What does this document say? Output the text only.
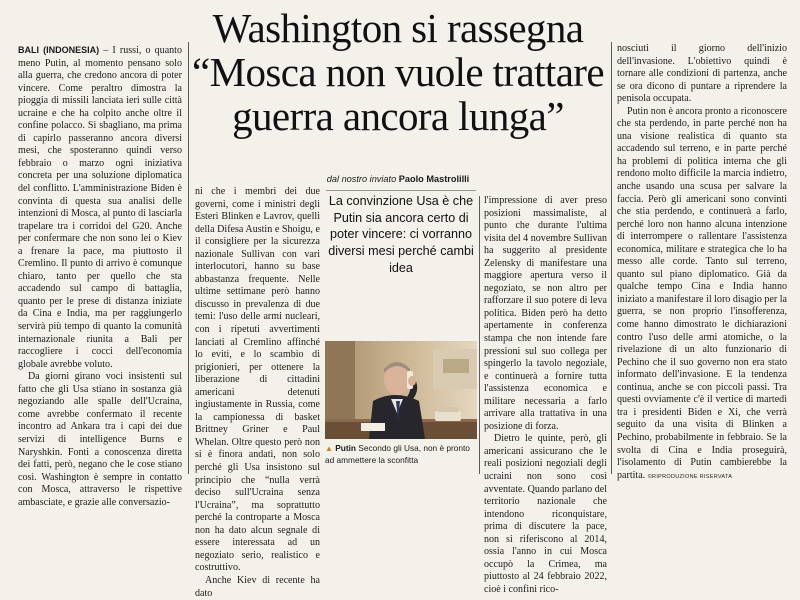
Washington si rassegna
“Mosca non vuole trattare
guerra ancora lunga”
dal nostro inviato Paolo Mastrolilli

BALI (INDONESIA) – I russi, o quanto meno Putin, al momento pensano solo alla guerra, che credono ancora di poter vincere. Come peraltro dimostra la pioggia di missili lanciata ieri sulle città ucraine e che ha colpito anche oltre il confine polacco. Si sbagliano, ma prima di capirlo passeranno ancora diversi mesi, che sposteranno quindi verso febbraio o marzo ogni iniziativa concreta per una soluzione diplomatica del conflitto. L'amministrazione Biden è convinta di questa sua analisi delle intenzioni di Mosca, al punto di lasciarla trapelare tra i corridoi del G20. Anche per confermare che non sono lei o Kiev a frenare la pace, ma piuttosto il Cremlino. Il punto di arrivo è comunque chiaro, tanto per quello che sta accadendo sul campo di battaglia, quanto per le prese di distanza iniziate da Cina e India, ma per raggiungerlo servirà più tempo di quanto la comunità internazionale riunita a Bali per raccogliere i cocci dell'economia globale avrebbe voluto.

Da giorni girano voci insistenti sul fatto che gli Usa stiano in sostanza già negoziando alle spalle dell'Ucraina, come avrebbe confermato il recente incontro ad Ankara tra i capi dei due servizi di intelligence Burns e Naryshkin. Fonti a conoscenza diretta dei fatti, però, negano che le cose stiano così. Washington è sempre in contatto con Mosca, attraverso le rispettive ambasciate, e grazie alle conversazio-

ni che i membri dei due governi, come i ministri degli Esteri Blinken e Lavrov, quelli della Difesa Austin e Shoigu, e il consigliere per la sicurezza nazionale Sullivan con vari interlocutori, hanno su base abbastanza frequente. Nelle ultime settimane però hanno discusso in prevalenza di due temi: l'uso delle armi nucleari, con i ripetuti avvertimenti lanciati al Cremlino affinché lo eviti, e lo scambio di prigionieri, per ottenere la liberazione di cittadini americani detenuti ingiustamente in Russia, come la campionessa di basket Brittney Griner e Paul Whelan. Oltre questo però non si è finora andati, non solo perché gli Usa insistono sul principio che “nulla verrà deciso sull'Ucraina senza l'Ucraina”, ma soprattutto perché la controparte a Mosca non ha dato alcun segnale di essere interessata ad un negoziato serio, realistico e costruttivo.

Anche Kiev di recente ha dato

La convinzione Usa è che Putin sia ancora certo di poter vincere: ci vorranno diversi mesi perché cambi idea
▲ Putin Secondo gli Usa, non è pronto ad ammettere la sconfitta

l'impressione di aver preso posizioni massimaliste, al punto che durante l'ultima visita del 4 novembre Sullivan ha suggerito al presidente Zelensky di manifestare una maggiore apertura verso il negoziato, se non altro per rafforzare il suo potere di leva politica. Biden però ha detto apertamente in conferenza stampa che non intende fare pressioni sul suo collega per spingerlo la tavolo negoziale, e continuerà a fornire tutta l'assistenza economica e militare necessaria a farlo arrivare alla trattativa in una posizione di forza.

Dietro le quinte, però, gli americani assicurano che le reali posizioni negoziali degli ucraini non sono così avventate. Quando parlano del territorio nazionale che intendono riconquistare, prima di discutere la pace, non si riferiscono al 2014, ossia l'anno in cui Mosca occupò la Crimea, ma piuttosto al 24 febbraio 2022, cioè i confini rico-

nosciuti il giorno dell'inizio dell'invasione. L'obiettivo quindi è tornare alle condizioni di partenza, anche se ora dicono di puntare a riprendere la penisola occupata.

Putin non è ancora pronto a riconoscere che sta perdendo, in parte perché non ha una visione realistica di quanto sta accadendo sul terreno, e in parte perché ha problemi di politica interna che gli rendono molto difficile la marcia indietro, anche usando una scusa per salvare la faccia. Però gli americani sono convinti che stia perdendo, e continuerà a farlo, perché loro non hanno alcuna intenzione di interrompere o rallentare l'assistenza economica, militare e strategica che lo ha messo alle corde. Tanto sul terreno, quanto sul piano diplomatico. Già da qualche tempo Cina e India hanno iniziato a manifestare il loro disagio per la guerra, se non proprio l'insofferenza, come hanno dimostrato le dichiarazioni contro l'uso delle armi atomiche, o la rivelazione di un alto funzionario di Pechino che il suo governo non era stato informato dell'invasione. E la tendenza continua, anche se con piccoli passi. Tra questi ovviamente c'è il vertice di martedì tra i presidenti Biden e Xi, che verrà seguito da una visita di Blinken a Pechino, probabilmente in febbraio. Se la svolta di Cina e India proseguirà, l'isolamento di Putin cambierebbe la partita. ©RIPRODUZIONE RISERVATA
